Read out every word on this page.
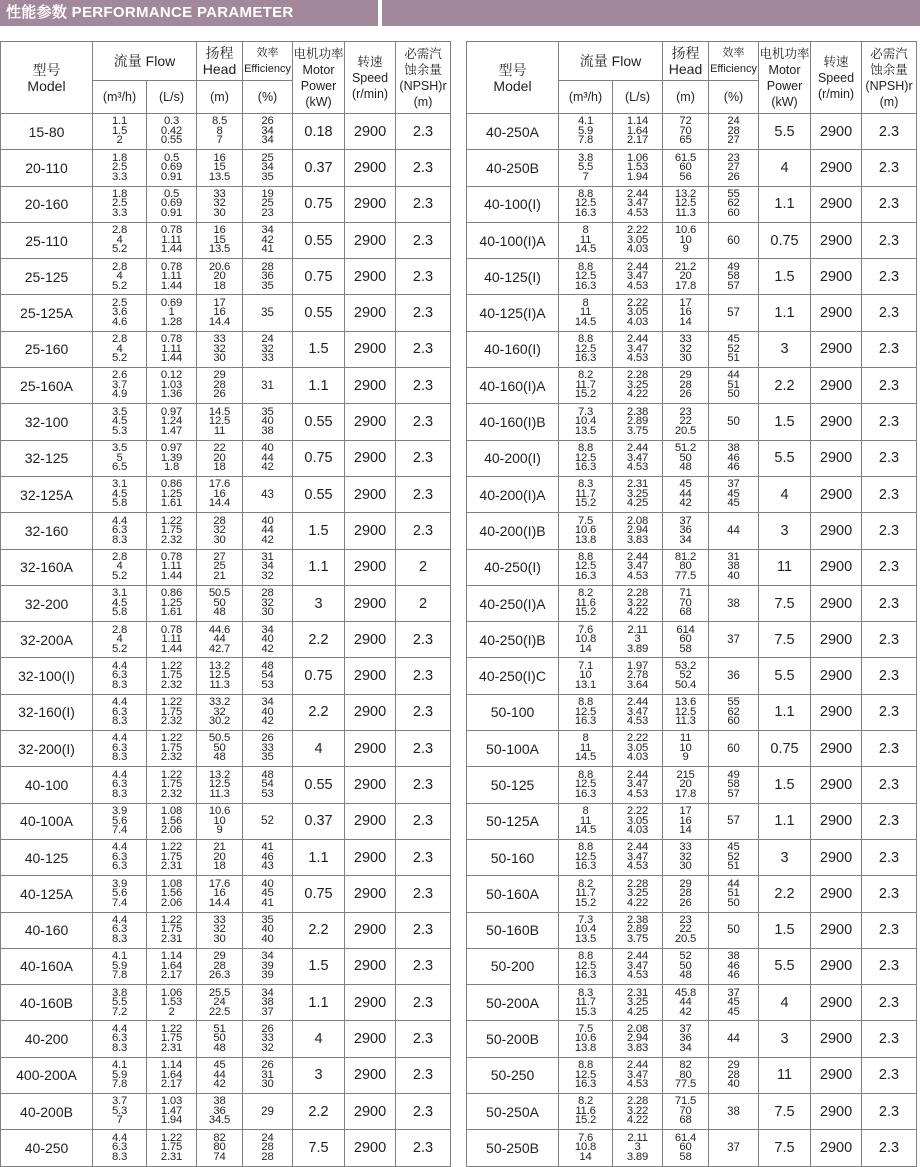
性能参数 PERFORMANCE PARAMETER
型号
Model	流量 Flow		扬程
Head	效率
Efficiency	电机功率
Motor
Power
(kW)	转速
Speed
(r/min)	必需汽
蚀余量
(NPSH)r
(m)
	(m³/h)	(L/s)	(m)	(%)			
15-80	1.1
1.5
2	0.3
0.42
0.55	8.5
8
7	26
34
34	0.18	2900	2.3
20-110	1.8
2.5
3.3	0.5
0.69
0.91	16
15
13.5	25
34
35	0.37	2900	2.3
20-160	1.8
2.5
3.3	0.5
0.69
0.91	33
32
30	19
25
23	0.75	2900	2.3
25-110	2.8
4
5.2	0.78
1.11
1.44	16
15
13.5	34
42
41	0.55	2900	2.3
25-125	2.8
4
5.2	0.78
1.11
1.44	20.6
20
18	28
36
35	0.75	2900	2.3
25-125A	2.5
3.6
4.6	0.69
1
1.28	17
16
14.4	35	0.55	2900	2.3
25-160	2.8
4
5.2	0.78
1.11
1.44	33
32
30	24
32
33	1.5	2900	2.3
25-160A	2.6
3.7
4.9	0.12
1.03
1.36	29
28
26	31	1.1	2900	2.3
32-100	3.5
4.5
5.3	0.97
1.24
1.47	14.5
12.5
11	35
40
38	0.55	2900	2.3
32-125	3.5
5
6.5	0.97
1.39
1.8	22
20
18	40
44
42	0.75	2900	2.3
32-125A	3.1
4.5
5.8	0.86
1.25
1.61	17.6
16
14.4	43	0.55	2900	2.3
32-160	4.4
6.3
8.3	1.22
1.75
2.32	28
32
30	40
44
42	1.5	2900	2.3
32-160A	2.8
4
5.2	0.78
1.11
1.44	27
25
21	31
34
32	1.1	2900	2
32-200	3.1
4.5
5.8	0.86
1.25
1.61	50.5
50
48	28
32
30	3	2900	2
32-200A	2.8
4
5.2	0.78
1.11
1.44	44.6
44
42.7	34
40
42	2.2	2900	2.3
32-100(I)	4.4
6.3
8.3	1.22
1.75
2.32	13.2
12.5
11.3	48
54
53	0.75	2900	2.3
32-160(I)	4.4
6.3
8.3	1.22
1.75
2.32	33.2
32
30.2	34
40
42	2.2	2900	2.3
32-200(I)	4.4
6.3
8.3	1.22
1.75
2.32	50.5
50
48	26
33
35	4	2900	2.3
40-100	4.4
6.3
8.3	1.22
1.75
2.32	13.2
12.5
11.3	48
54
53	0.55	2900	2.3
40-100A	3.9
5.6
7.4	1.08
1.56
2.06	10.6
10
9	52	0.37	2900	2.3
40-125	4.4
6.3
6.3	1.22
1.75
2.31	21
20
18	41
46
43	1.1	2900	2.3
40-125A	3.9
5.6
7.4	1.08
1.56
2.06	17.6
16
14.4	40
45
41	0.75	2900	2.3
40-160	4.4
6.3
8.3	1.22
1.75
2.31	33
32
30	35
40
40	2.2	2900	2.3
40-160A	4.1
5.9
7.8	1.14
1.64
2.17	29
28
26.3	34
39
39	1.5	2900	2.3
40-160B	3.8
5.5
7.2	1.06
1.53
2	25.5
24
22.5	34
38
37	1.1	2900	2.3
40-200	4.4
6.3
8.3	1.22
1.75
2.31	51
50
48	26
33
32	4	2900	2.3
400-200A	4.1
5.9
7.8	1.14
1.64
2.17	45
44
42	26
31
30	3	2900	2.3
40-200B	3.7
5.3
7	1.03
1.47
1.94	38
36
34.5	29	2.2	2900	2.3
40-250	4.4
6.3
8.3	1.22
1.75
2.31	82
80
74	24
28
28	7.5	2900	2.3
型号
Model	流量 Flow		扬程
Head	效率
Efficiency	电机功率
Motor
Power
(kW)	转速
Speed
(r/min)	必需汽
蚀余量
(NPSH)r
(m)
	(m³/h)	(L/s)	(m)	(%)			
40-250A	4.1
5.9
7.8	1.14
1.64
2.17	72
70
65	24
28
27	5.5	2900	2.3
40-250B	3.8
5.5
7	1.06
1.53
1.94	61.5
60
56	23
27
26	4	2900	2.3
40-100(I)	8.8
12.5
16.3	2.44
3.47
4.53	13.2
12.5
11.3	55
62
60	1.1	2900	2.3
40-100(I)A	8
11
14.5	2.22
3.05
4.03	10.6
10
9	60	0.75	2900	2.3
40-125(I)	8.8
12.5
16.3	2.44
3.47
4.53	21.2
20
17.8	49
58
57	1.5	2900	2.3
40-125(I)A	8
11
14.5	2.22
3.05
4.03	17
16
14	57	1.1	2900	2.3
40-160(I)	8.8
12.5
16.3	2.44
3.47
4.53	33
32
30	45
52
51	3	2900	2.3
40-160(I)A	8.2
11.7
15.2	2.28
3.25
4.22	29
28
26	44
51
50	2.2	2900	2.3
40-160(I)B	7.3
10.4
13.5	2.38
2.89
3.75	23
22
20.5	50	1.5	2900	2.3
40-200(I)	8.8
12.5
16.3	2.44
3.47
4.53	51.2
50
48	38
46
46	5.5	2900	2.3
40-200(I)A	8.3
11.7
15.2	2.31
3.25
4.25	45
44
42	37
45
45	4	2900	2.3
40-200(I)B	7.5
10.6
13.8	2.08
2.94
3.83	37
36
34	44	3	2900	2.3
40-250(I)	8.8
12.5
16.3	2.44
3.47
4.53	81.2
80
77.5	31
38
40	11	2900	2.3
40-250(I)A	8.2
11.6
15.2	2.28
3.22
4.22	71
70
68	38	7.5	2900	2.3
40-250(I)B	7.6
10.8
14	2.11
3
3.89	614
60
58	37	7.5	2900	2.3
40-250(I)C	7.1
10
13.1	1.97
2.78
3.64	53.2
52
50.4	36	5.5	2900	2.3
50-100	8.8
12.5
16.3	2.44
3.47
4.53	13.6
12.5
11.3	55
62
60	1.1	2900	2.3
50-100A	8
11
14.5	2.22
3.05
4.03	11
10
9	60	0.75	2900	2.3
50-125	8.8
12.5
16.3	2.44
3.47
4.53	215
20
17.8	49
58
57	1.5	2900	2.3
50-125A	8
11
14.5	2.22
3.05
4.03	17
16
14	57	1.1	2900	2.3
50-160	8.8
12.5
16.3	2.44
3.47
4.53	33
32
30	45
52
51	3	2900	2.3
50-160A	8.2
11.7
15.2	2.28
3.25
4.22	29
28
26	44
51
50	2.2	2900	2.3
50-160B	7.3
10.4
13.5	2.38
2.89
3.75	23
22
20.5	50	1.5	2900	2.3
50-200	8.8
12.5
16.3	2.44
3.47
4.53	52
50
48	38
46
46	5.5	2900	2.3
50-200A	8.3
11.7
15.3	2.31
3.25
4.25	45.8
44
42	37
45
45	4	2900	2.3
50-200B	7.5
10.6
13.8	2.08
2.94
3.83	37
36
34	44	3	2900	2.3
50-250	8.8
12.5
16.3	2.44
3.47
4.53	82
80
77.5	29
28
40	11	2900	2.3
50-250A	8.2
11.6
15.2	2.28
3.22
4.22	71.5
70
68	38	7.5	2900	2.3
50-250B	7.6
10.8
14	2.11
3
3.89	61.4
60
58	37	7.5	2900	2.3
